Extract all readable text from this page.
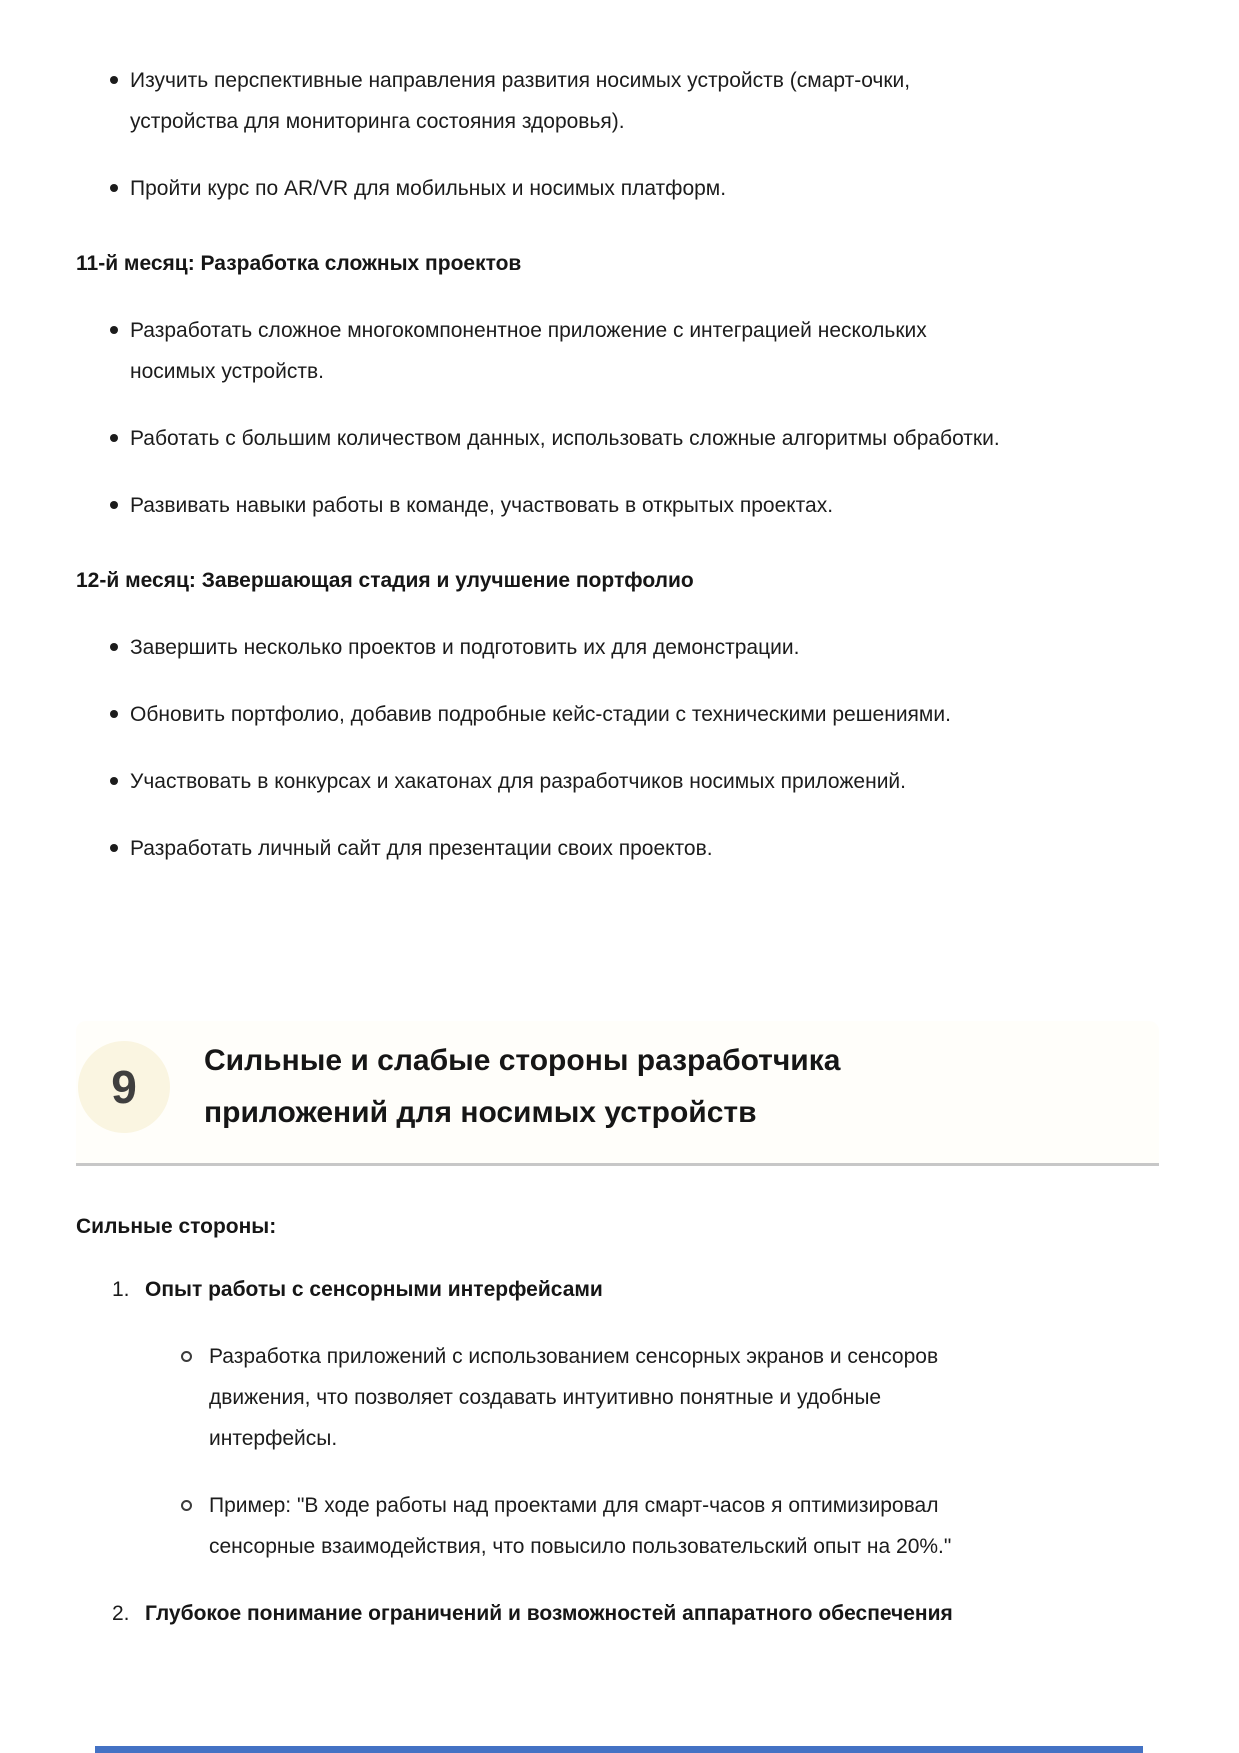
Изучить перспективные направления развития носимых устройств (смарт-очки, устройства для мониторинга состояния здоровья).
Пройти курс по AR/VR для мобильных и носимых платформ.
11-й месяц: Разработка сложных проектов
Разработать сложное многокомпонентное приложение с интеграцией нескольких носимых устройств.
Работать с большим количеством данных, использовать сложные алгоритмы обработки.
Развивать навыки работы в команде, участвовать в открытых проектах.
12-й месяц: Завершающая стадия и улучшение портфолио
Завершить несколько проектов и подготовить их для демонстрации.
Обновить портфолио, добавив подробные кейс-стадии с техническими решениями.
Участвовать в конкурсах и хакатонах для разработчиков носимых приложений.
Разработать личный сайт для презентации своих проектов.
9	Сильные и слабые стороны разработчика приложений для носимых устройств

Сильные стороны:

1. Опыт работы с сенсорными интерфейсами
Разработка приложений с использованием сенсорных экранов и сенсоров движения, что позволяет создавать интуитивно понятные и удобные интерфейсы.
Пример: "В ходе работы над проектами для смарт-часов я оптимизировал сенсорные взаимодействия, что повысило пользовательский опыт на 20%."
2. Глубокое понимание ограничений и возможностей аппаратного обеспечения
